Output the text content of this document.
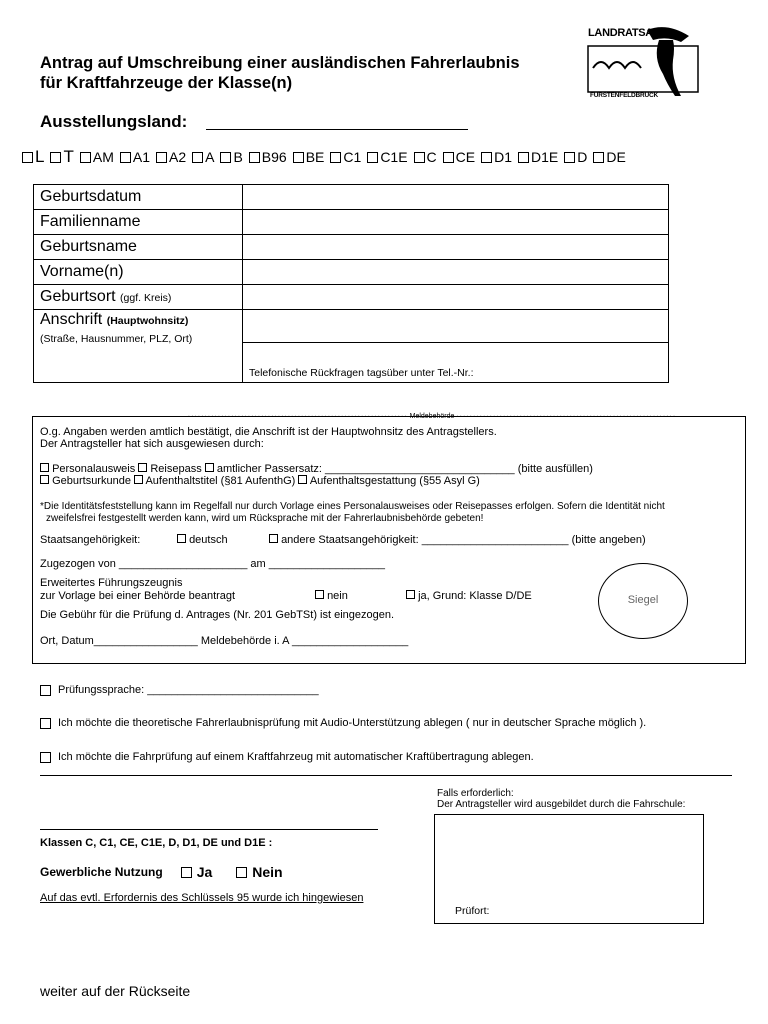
Antrag auf Umschreibung einer ausländischen Fahrerlaubnis
für Kraftfahrzeuge der Klasse(n)
Ausstellungsland:
LANDRATSAMT
FÜRSTENFELDBRUCK
L T AM A1 A2 A B B96 BE C1 C1E C CE D1 D1E D DE
Geburtsdatum	
Familienname	
Geburtsname	
Vorname(n)	
Geburtsort (ggf. Kreis)	
Anschrift (Hauptwohnsitz)
(Straße, Hausnummer, PLZ, Ort)	
	Telefonische Rückfragen tagsüber unter Tel.-Nr.:
·································································· Meldebehörde ··································································
O.g. Angaben werden amtlich bestätigt, die Anschrift ist der Hauptwohnsitz des Antragstellers.
Der Antragsteller hat sich ausgewiesen durch:
Personalausweis Reisepass amtlicher Passersatz: _______________________________ (bitte ausfüllen)
Geburtsurkunde Aufenthaltstitel (§81 AufenthG) Aufenthaltsgestattung (§55 Asyl G)
*Die Identitätsfeststellung kann im Regelfall nur durch Vorlage eines Personalausweises oder Reisepasses erfolgen. Sofern die Identität nicht
zweifelsfrei festgestellt werden kann, wird um Rücksprache mit der Fahrerlaubnisbehörde gebeten!
Staatsangehörigkeit:	deutsch	andere Staatsangehörigkeit: ________________________ (bitte angeben)
Zugezogen von _____________________ am ___________________
Erweitertes Führungszeugnis
zur Vorlage bei einer Behörde beantragt	nein	ja, Grund: Klasse D/DE
Die Gebühr für die Prüfung d. Antrages (Nr. 201 GebTSt) ist eingezogen.
Ort, Datum_________________ Meldebehörde i. A ___________________
Siegel
Prüfungssprache: ____________________________
Ich möchte die theoretische Fahrerlaubnisprüfung mit Audio-Unterstützung ablegen ( nur in deutscher Sprache möglich ).
Ich möchte die Fahrprüfung auf einem Kraftfahrzeug mit automatischer Kraftübertragung ablegen.
Falls erforderlich:
Der Antragsteller wird ausgebildet durch die Fahrschule:
Prüfort:
Klassen C, C1, CE, C1E, D, D1, DE und D1E :
Gewerbliche Nutzung Ja	Nein
Auf das evtl. Erfordernis des Schlüssels 95 wurde ich hingewiesen
weiter auf der Rückseite
